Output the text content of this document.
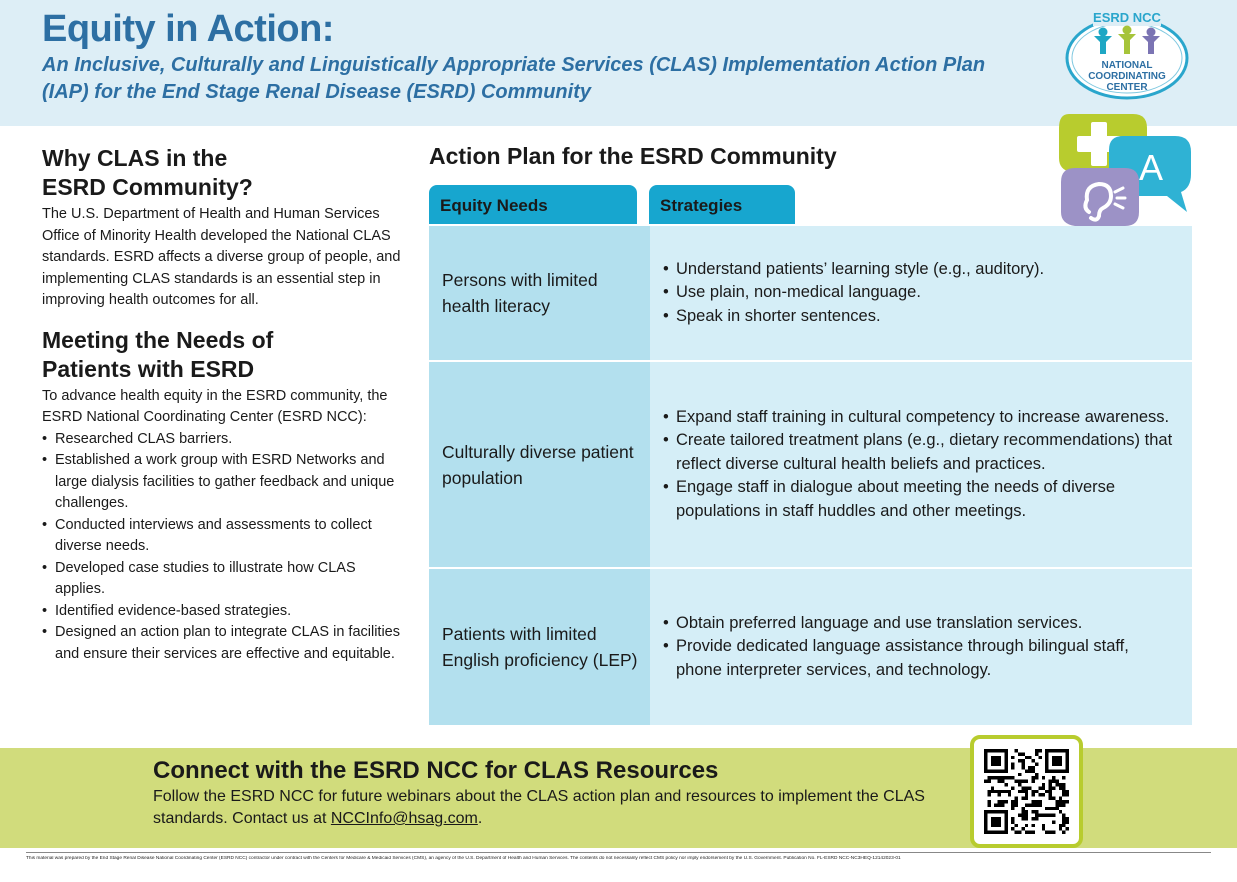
Equity in Action:

An Inclusive, Culturally and Linguistically Appropriate Services (CLAS) Implementation Action Plan (IAP) for the End Stage Renal Disease (ESRD) Community

ESRD NCC
NATIONAL
COORDINATING
CENTER
Why CLAS in the
ESRD Community?

The U.S. Department of Health and Human Services Office of Minority Health developed the National CLAS standards. ESRD affects a diverse group of people, and implementing CLAS standards is an essential step in improving health outcomes for all.

Meeting the Needs of
Patients with ESRD

To advance health equity in the ESRD community, the ESRD National Coordinating Center (ESRD NCC):

• Researched CLAS barriers.
• Established a work group with ESRD Networks and large dialysis facilities to gather feedback and unique challenges.
• Conducted interviews and assessments to collect diverse needs.
• Developed case studies to illustrate how CLAS applies.
• Identified evidence-based strategies.
• Designed an action plan to integrate CLAS in facilities and ensure their services are effective and equitable.
Action Plan for the ESRD Community	A
Equity Needs	Strategies
Persons with limited health literacy
• Understand patients’ learning style (e.g., auditory).
• Use plain, non-medical language.
• Speak in shorter sentences.
Culturally diverse patient population
• Expand staff training in cultural competency to increase awareness.
• Create tailored treatment plans (e.g., dietary recommendations) that reflect diverse cultural health beliefs and practices.
• Engage staff in dialogue about meeting the needs of diverse populations in staff huddles and other meetings.
Patients with limited English proficiency (LEP)
• Obtain preferred language and use translation services.
• Provide dedicated language assistance through bilingual staff, phone interpreter services, and technology.
Connect with the ESRD NCC for CLAS Resources

Follow the ESRD NCC for future webinars about the CLAS action plan and resources to implement the CLAS standards. Contact us at NCCInfo@hsag.com.

This material was prepared by the End Stage Renal Disease National Coordinating Center (ESRD NCC) contractor under contract with the Centers for Medicare & Medicaid Services (CMS), an agency of the U.S. Department of Health and Human Services. The contents do not necessarily reflect CMS policy nor imply endorsement by the U.S. Government. Publication No. FL-ESRD NCC-NC3HEQ-12142023-01
